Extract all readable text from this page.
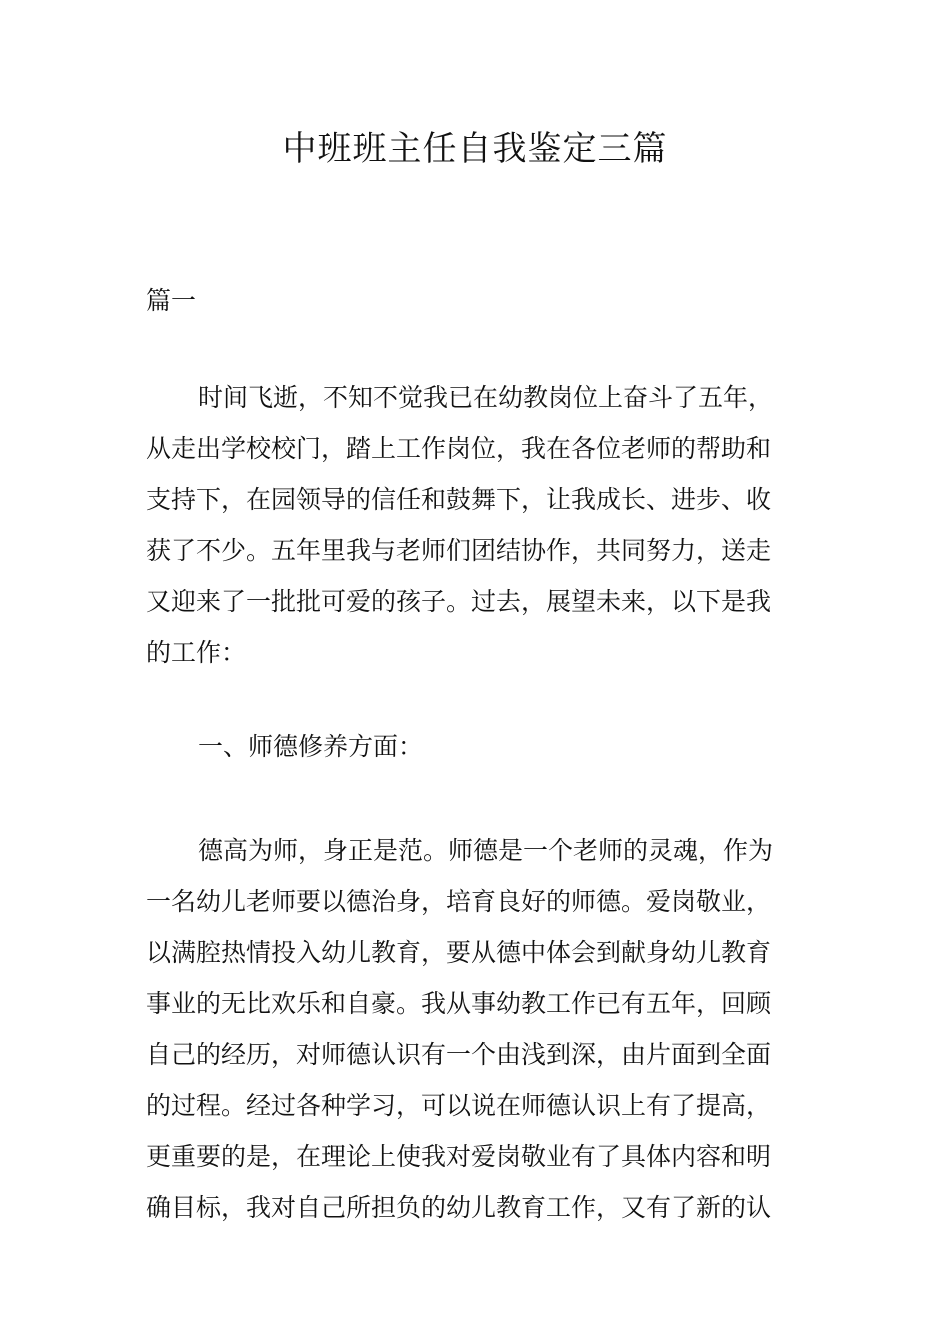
中班班主任自我鉴定三篇

篇一

时间飞逝，不知不觉我已在幼教岗位上奋斗了五年，
从走出学校校门，踏上工作岗位，我在各位老师的帮助和
支持下，在园领导的信任和鼓舞下，让我成长、进步、收
获了不少。五年里我与老师们团结协作，共同努力，送走
又迎来了一批批可爱的孩子。过去，展望未来，以下是我
的工作：
一、师德修养方面：
德高为师，身正是范。师德是一个老师的灵魂，作为
一名幼儿老师要以德治身，培育良好的师德。爱岗敬业，
以满腔热情投入幼儿教育，要从德中体会到献身幼儿教育
事业的无比欢乐和自豪。我从事幼教工作已有五年，回顾
自己的经历，对师德认识有一个由浅到深，由片面到全面
的过程。经过各种学习，可以说在师德认识上有了提高，
更重要的是，在理论上使我对爱岗敬业有了具体内容和明
确目标，我对自己所担负的幼儿教育工作，又有了新的认
